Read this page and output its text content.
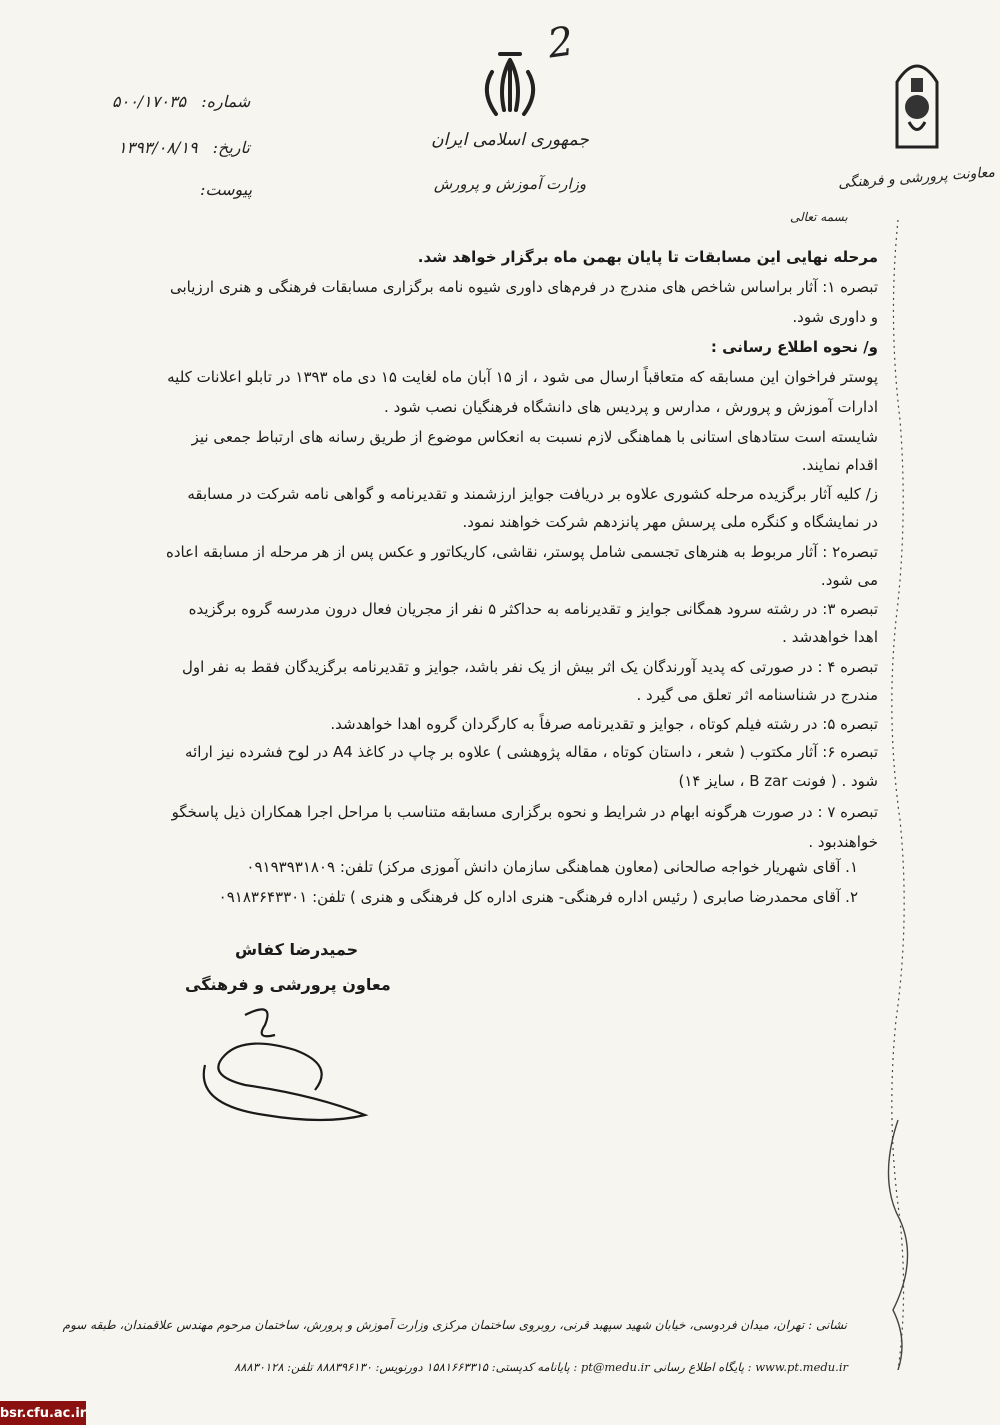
2
شماره: ۵۰۰/۱۷۰۳۵
تاریخ: ۱۳۹۳/۰۸/۱۹
پیوست:
جمهوری اسلامی ایران
وزارت آموزش و پرورش	معاونت پرورشی و فرهنگی
بسمه تعالی
مرحله نهایی این مسابقات تا پایان بهمن ماه برگزار خواهد شد.
تبصره ۱: آثار براساس شاخص های مندرج در فرم‌های داوری شیوه نامه برگزاری مسابقات فرهنگی و هنری ارزیابی
و داوری شود.
و/ نحوه اطلاع رسانی :
پوستر فراخوان این مسابقه که متعاقباً ارسال می شود ، از ۱۵ آبان ماه لغایت ۱۵ دی ماه ۱۳۹۳ در تابلو اعلانات کلیه
ادارات آموزش و پرورش ، مدارس و پردیس های دانشگاه فرهنگیان نصب شود .
شایسته است ستادهای استانی با هماهنگی لازم نسبت به انعکاس موضوع از طریق رسانه های ارتباط جمعی نیز
اقدام نمایند.
ز/ کلیه آثار برگزیده مرحله کشوری علاوه بر دریافت جوایز ارزشمند و تقدیرنامه و گواهی نامه شرکت در مسابقه
در نمایشگاه و کنگره ملی پرسش مهر پانزدهم شرکت خواهند نمود.
تبصره۲ : آثار مربوط به هنرهای تجسمی شامل پوستر، نقاشی، کاریکاتور و عکس پس از هر مرحله از مسابقه اعاده
می شود.
تبصره ۳: در رشته سرود همگانی جوایز و تقدیرنامه به حداکثر ۵ نفر از مجریان فعال درون مدرسه گروه برگزیده
اهدا خواهدشد .
تبصره ۴ : در صورتی که پدید آورندگان یک اثر بیش از یک نفر باشد، جوایز و تقدیرنامه برگزیدگان فقط به نفر اول
مندرج در شناسنامه اثر تعلق می گیرد .
تبصره ۵: در رشته فیلم کوتاه ، جوایز و تقدیرنامه صرفاً به کارگردان گروه اهدا خواهدشد.
تبصره ۶: آثار مکتوب ( شعر ، داستان کوتاه ، مقاله پژوهشی ) علاوه بر چاپ در کاغذ A4 در لوح فشرده نیز ارائه
شود . ( فونت B zar ، سایز ۱۴)
تبصره ۷ : در صورت هرگونه ابهام در شرایط و نحوه برگزاری مسابقه متناسب با مراحل اجرا همکاران ذیل پاسخگو
خواهندبود .
۱. آقای شهریار خواجه صالحانی (معاون هماهنگی سازمان دانش آموزی مرکز) تلفن: ۰۹۱۹۳۹۳۱۸۰۹
۲. آقای محمدرضا صابری ( رئیس اداره فرهنگی- هنری اداره کل فرهنگی و هنری ) تلفن: ۰۹۱۸۳۶۴۳۳۰۱
حمیدرضا کفاش
معاون پرورشی و فرهنگی
نشانی : تهران، میدان فردوسی، خیابان شهید سپهبد قرنی، روبروی ساختمان مرکزی وزارت آموزش و پرورش، ساختمان مرحوم مهندس علاقمندان، طبقه سوم
www.pt.medu.ir : پایگاه اطلاع رسانی pt@medu.ir : پایانامه کدپستی: ۱۵۸۱۶۶۳۳۱۵ دورنویس: ۸۸۸۳۹۶۱۳۰ تلفن: ۸۸۸۳۰۱۲۸
bsr.cfu.ac.ir
